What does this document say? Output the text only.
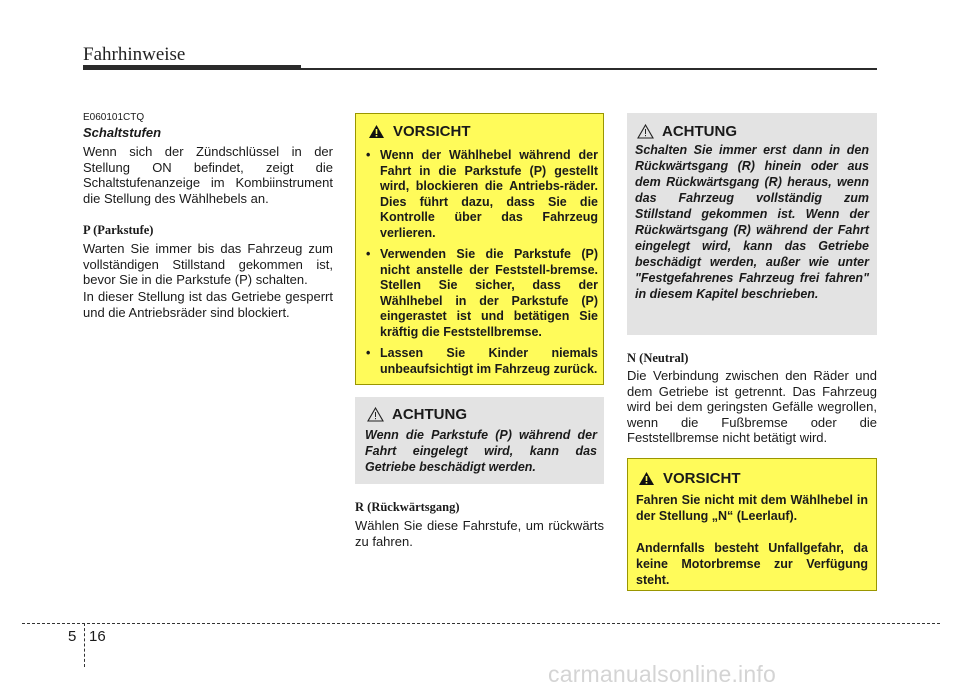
Fahrhinweise
E060101CTQ
Schaltstufen
Wenn sich der Zündschlüssel in der Stellung ON befindet, zeigt die Schaltstufenanzeige im Kombiinstrument die Stellung des Wählhebels an.
P (Parkstufe)
Warten Sie immer bis das Fahrzeug zum vollständigen Stillstand gekommen ist, bevor Sie in die Parkstufe (P) schalten.
In dieser Stellung ist das Getriebe gesperrt und die Antriebsräder sind blockiert.
VORSICHT
• Wenn der Wählhebel während der Fahrt in die Parkstufe (P) gestellt wird, blockieren die Antriebs-räder. Dies führt dazu, dass Sie die Kontrolle über das Fahrzeug verlieren.
• Verwenden Sie die Parkstufe (P) nicht anstelle der Feststell-bremse. Stellen Sie sicher, dass der Wählhebel in der Parkstufe (P) eingerastet ist und betätigen Sie kräftig die Feststellbremse.
• Lassen Sie Kinder niemals unbeaufsichtigt im Fahrzeug zurück.
ACHTUNG
Wenn die Parkstufe (P) während der Fahrt eingelegt wird, kann das Getriebe beschädigt werden.
R (Rückwärtsgang)
Wählen Sie diese Fahrstufe, um rückwärts zu fahren.
ACHTUNG
Schalten Sie immer erst dann in den Rückwärtsgang (R) hinein oder aus dem Rückwärtsgang (R) heraus, wenn das Fahrzeug vollständig zum Stillstand gekommen ist. Wenn der Rückwärtsgang (R) während der Fahrt eingelegt wird, kann das Getriebe beschädigt werden, außer wie unter "Festgefahrenes Fahrzeug frei fahren" in diesem Kapitel beschrieben.
N (Neutral)
Die Verbindung zwischen den Räder und dem Getriebe ist getrennt. Das Fahrzeug wird bei dem geringsten Gefälle wegrollen, wenn die Fußbremse oder die Feststellbremse nicht betätigt wird.
VORSICHT
Fahren Sie nicht mit dem Wählhebel in der Stellung „N“ (Leerlauf).
Andernfalls besteht Unfallgefahr, da keine Motorbremse zur Verfügung steht.
5 16
carmanualsonline.info
